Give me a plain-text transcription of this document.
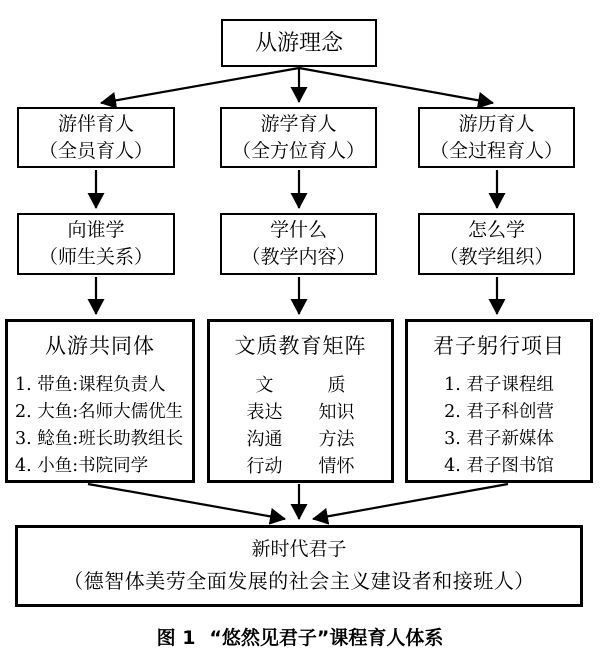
从游理念
游伴育人
（全员育人）
游学育人
（全方位育人）
游历育人
（全过程育人）
向谁学
（师生关系）
学什么
（教学内容）
怎么学
（教学组织）
从游共同体
1. 带鱼:课程负责人
2. 大鱼:名师大儒优生
3. 鲶鱼:班长助教组长
4. 小鱼:书院同学
文质教育矩阵
文	质
表达	知识
沟通	方法
行动	情怀
君子躬行项目
1. 君子课程组
2. 君子科创营
3. 君子新媒体
4. 君子图书馆
新时代君子
（德智体美劳全面发展的社会主义建设者和接班人）
图 1 “悠然见君子”课程育人体系
